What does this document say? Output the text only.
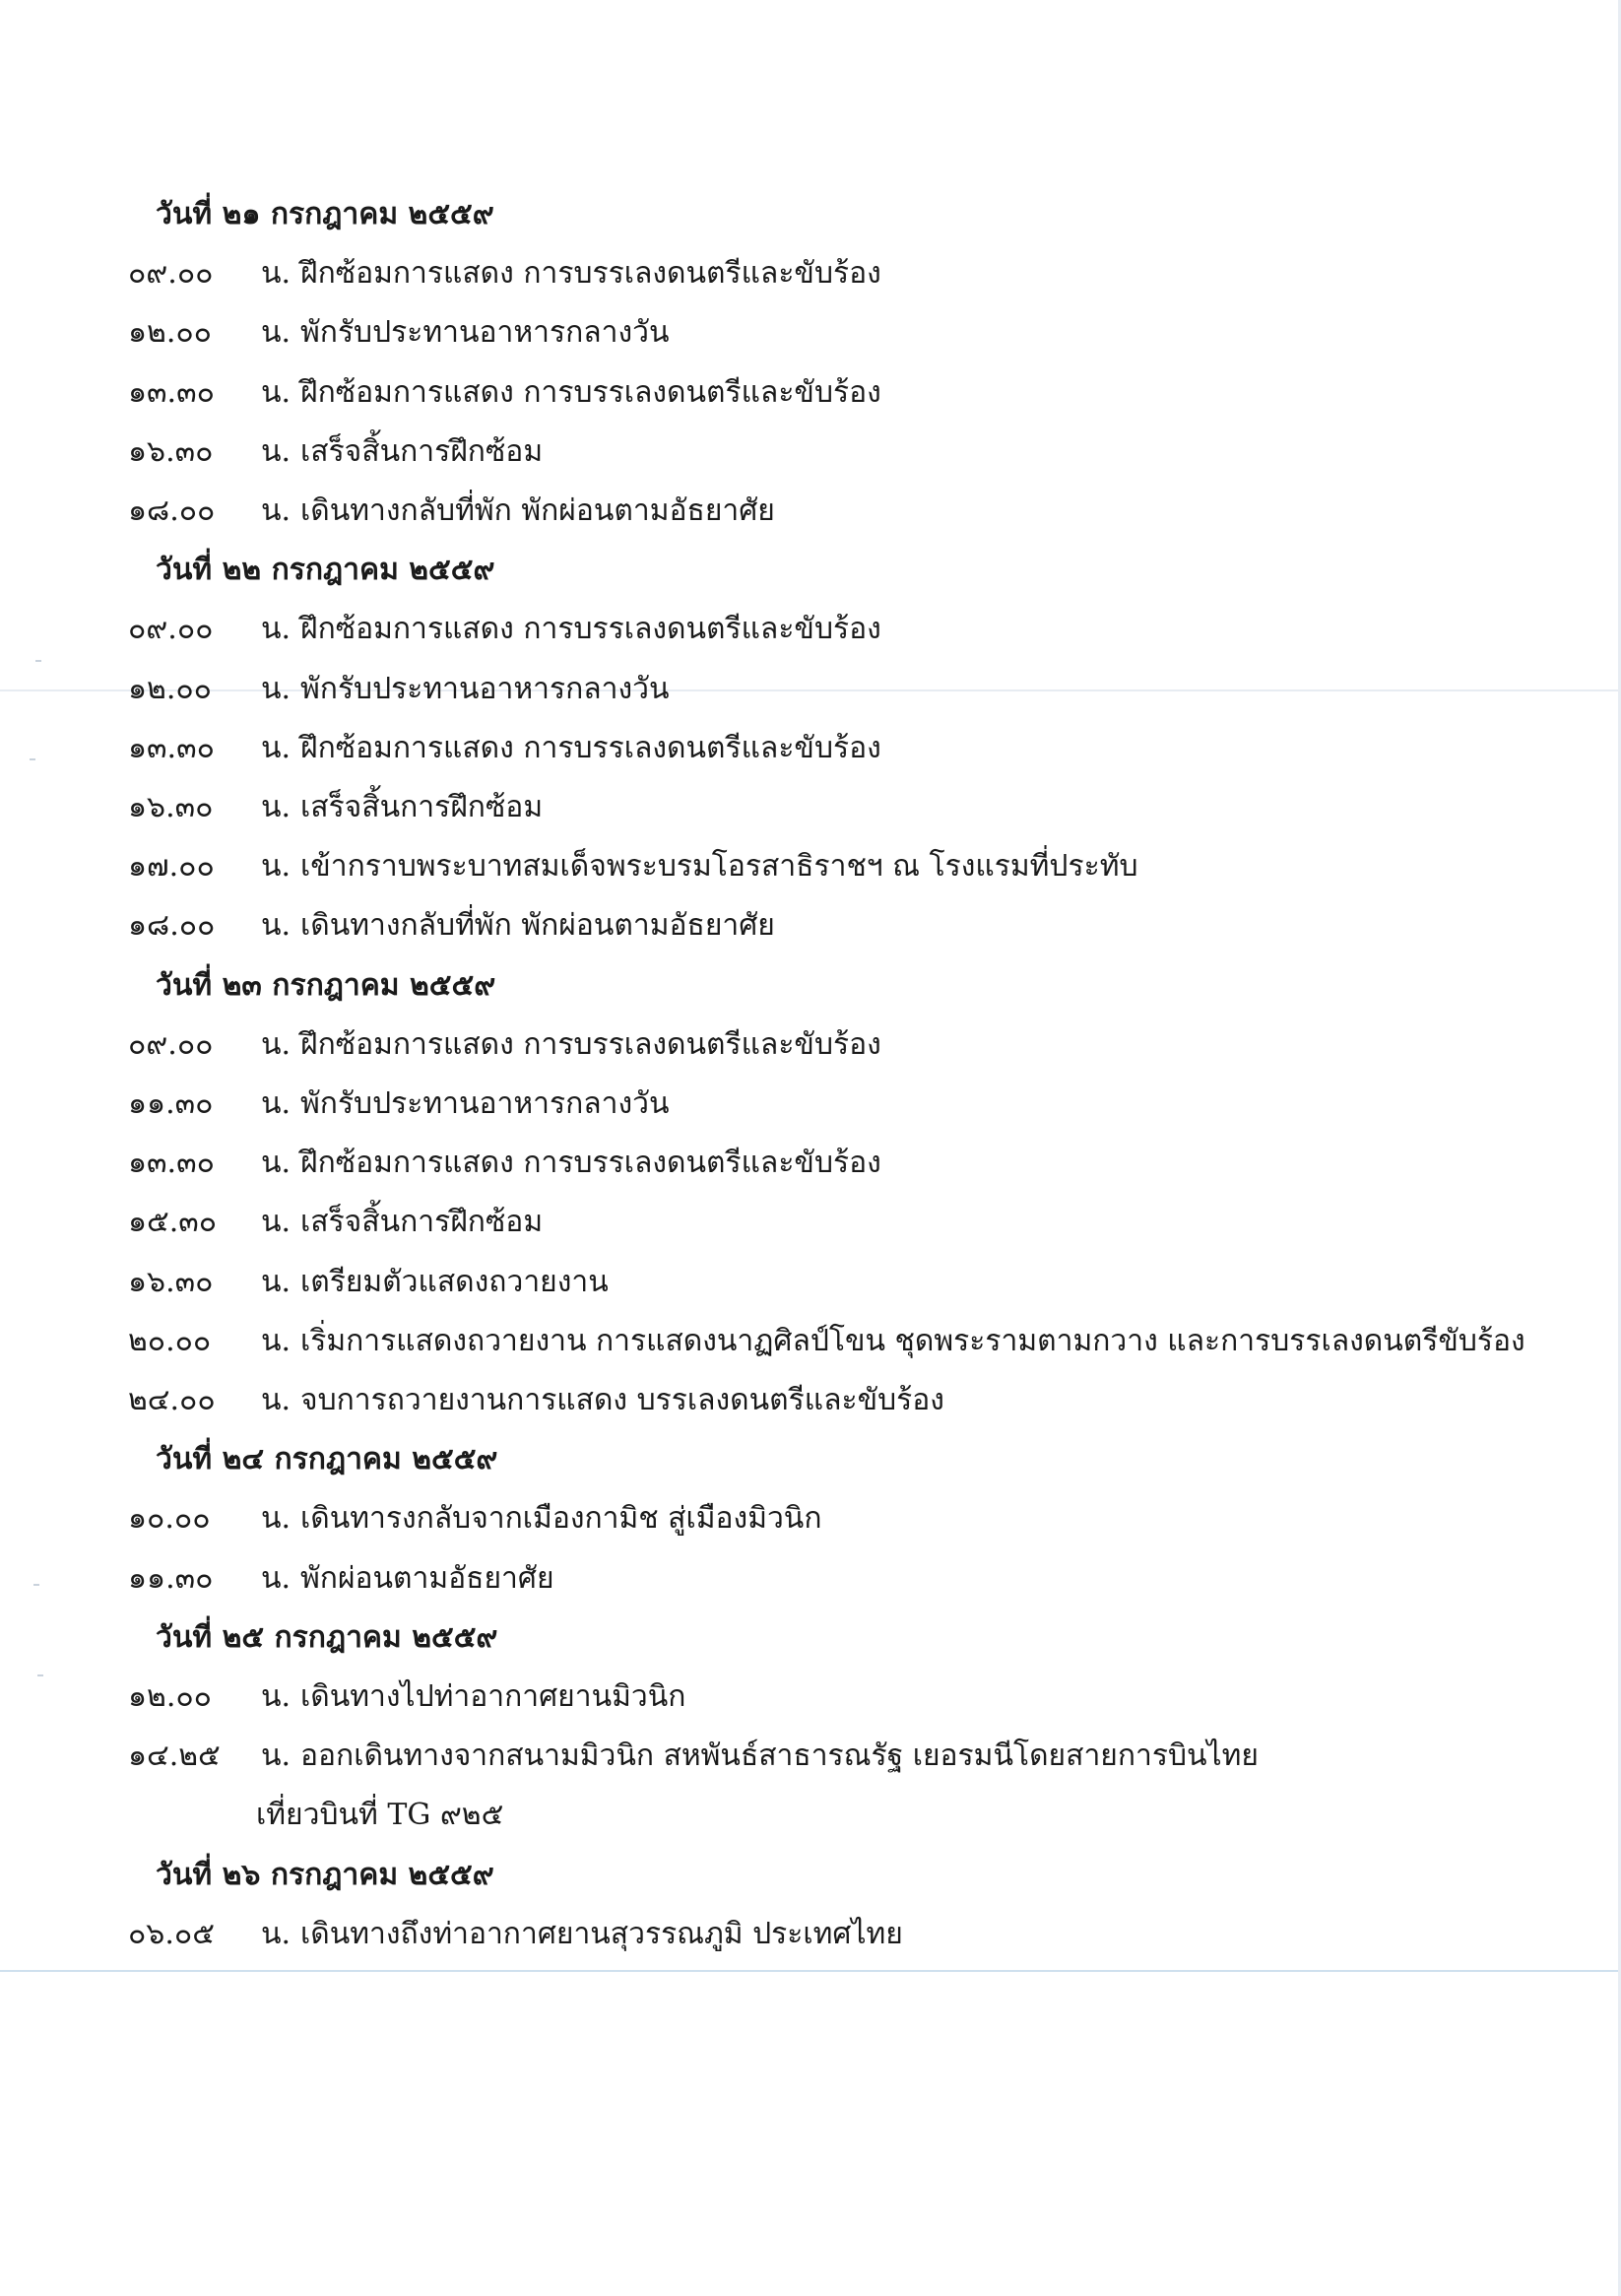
วันที่ ๒๑ กรกฎาคม ๒๕๕๙
๐๙.๐๐ น. ฝึกซ้อมการแสดง การบรรเลงดนตรีและขับร้อง
๑๒.๐๐ น. พักรับประทานอาหารกลางวัน
๑๓.๓๐ น. ฝึกซ้อมการแสดง การบรรเลงดนตรีและขับร้อง
๑๖.๓๐ น. เสร็จสิ้นการฝึกซ้อม
๑๘.๐๐ น. เดินทางกลับที่พัก พักผ่อนตามอัธยาศัย
วันที่ ๒๒ กรกฎาคม ๒๕๕๙
๐๙.๐๐ น. ฝึกซ้อมการแสดง การบรรเลงดนตรีและขับร้อง
๑๒.๐๐ น. พักรับประทานอาหารกลางวัน
๑๓.๓๐ น. ฝึกซ้อมการแสดง การบรรเลงดนตรีและขับร้อง
๑๖.๓๐ น. เสร็จสิ้นการฝึกซ้อม
๑๗.๐๐ น. เข้ากราบพระบาทสมเด็จพระบรมโอรสาธิราชฯ ณ โรงแรมที่ประทับ
๑๘.๐๐ น. เดินทางกลับที่พัก พักผ่อนตามอัธยาศัย
วันที่ ๒๓ กรกฎาคม ๒๕๕๙
๐๙.๐๐ น. ฝึกซ้อมการแสดง การบรรเลงดนตรีและขับร้อง
๑๑.๓๐ น. พักรับประทานอาหารกลางวัน
๑๓.๓๐ น. ฝึกซ้อมการแสดง การบรรเลงดนตรีและขับร้อง
๑๕.๓๐ น. เสร็จสิ้นการฝึกซ้อม
๑๖.๓๐ น. เตรียมตัวแสดงถวายงาน
๒๐.๐๐ น. เริ่มการแสดงถวายงาน การแสดงนาฏศิลป์โขน ชุดพระรามตามกวาง และการบรรเลงดนตรีขับร้อง
๒๔.๐๐ น. จบการถวายงานการแสดง บรรเลงดนตรีและขับร้อง
วันที่ ๒๔ กรกฎาคม ๒๕๕๙
๑๐.๐๐ น. เดินทารงกลับจากเมืองกามิช สู่เมืองมิวนิก
๑๑.๓๐ น. พักผ่อนตามอัธยาศัย
วันที่ ๒๕ กรกฎาคม ๒๕๕๙
๑๒.๐๐ น. เดินทางไปท่าอากาศยานมิวนิก
๑๔.๒๕ น. ออกเดินทางจากสนามมิวนิก สหพันธ์สาธารณรัฐ เยอรมนีโดยสายการบินไทย
เที่ยวบินที่ TG ๙๒๕
วันที่ ๒๖ กรกฎาคม ๒๕๕๙
๐๖.๐๕ น. เดินทางถึงท่าอากาศยานสุวรรณภูมิ ประเทศไทย
